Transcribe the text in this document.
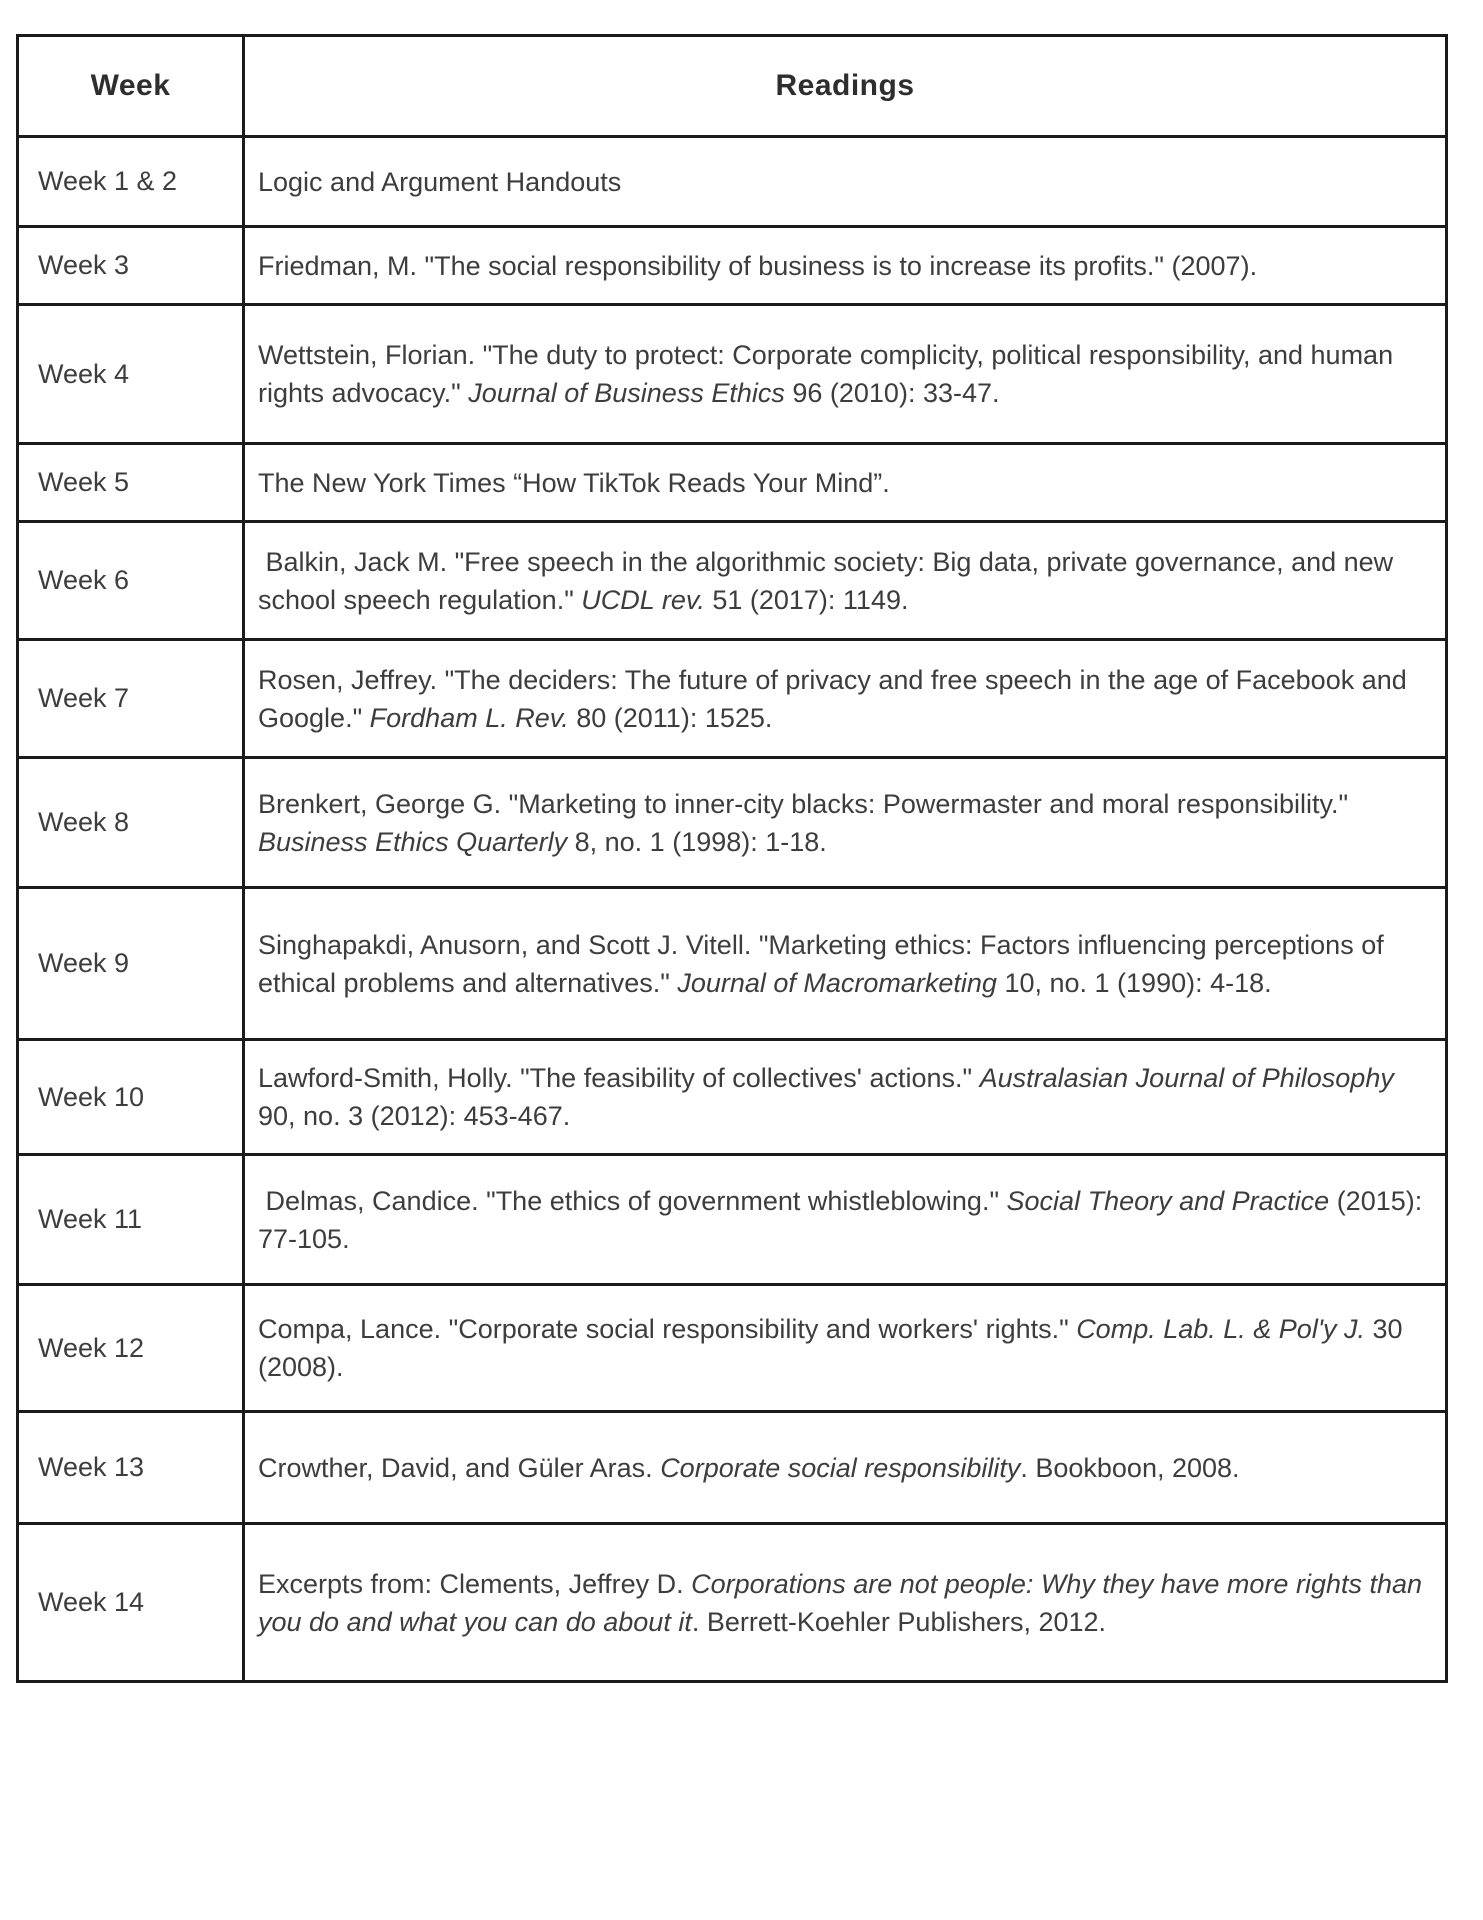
Week	Readings
Week 1 & 2	Logic and Argument Handouts
Week 3	Friedman, M. "The social responsibility of business is to increase its profits." (2007).
Week 4	Wettstein, Florian. "The duty to protect: Corporate complicity, political responsibility, and human rights advocacy." Journal of Business Ethics 96 (2010): 33-47.
Week 5	The New York Times “How TikTok Reads Your Mind”.
Week 6	Balkin, Jack M. "Free speech in the algorithmic society: Big data, private governance, and new school speech regulation." UCDL rev. 51 (2017): 1149.
Week 7	Rosen, Jeffrey. "The deciders: The future of privacy and free speech in the age of Facebook and Google." Fordham L. Rev. 80 (2011): 1525.
Week 8	Brenkert, George G. "Marketing to inner-city blacks: Powermaster and moral responsibility." Business Ethics Quarterly 8, no. 1 (1998): 1-18.
Week 9	Singhapakdi, Anusorn, and Scott J. Vitell. "Marketing ethics: Factors influencing perceptions of ethical problems and alternatives." Journal of Macromarketing 10, no. 1 (1990): 4-18.
Week 10	Lawford-Smith, Holly. "The feasibility of collectives' actions." Australasian Journal of Philosophy 90, no. 3 (2012): 453-467.
Week 11	Delmas, Candice. "The ethics of government whistleblowing." Social Theory and Practice (2015): 77-105.
Week 12	Compa, Lance. "Corporate social responsibility and workers' rights." Comp. Lab. L. & Pol'y J. 30 (2008).
Week 13	Crowther, David, and Güler Aras. Corporate social responsibility. Bookboon, 2008.
Week 14	Excerpts from: Clements, Jeffrey D. Corporations are not people: Why they have more rights than you do and what you can do about it. Berrett-Koehler Publishers, 2012.
